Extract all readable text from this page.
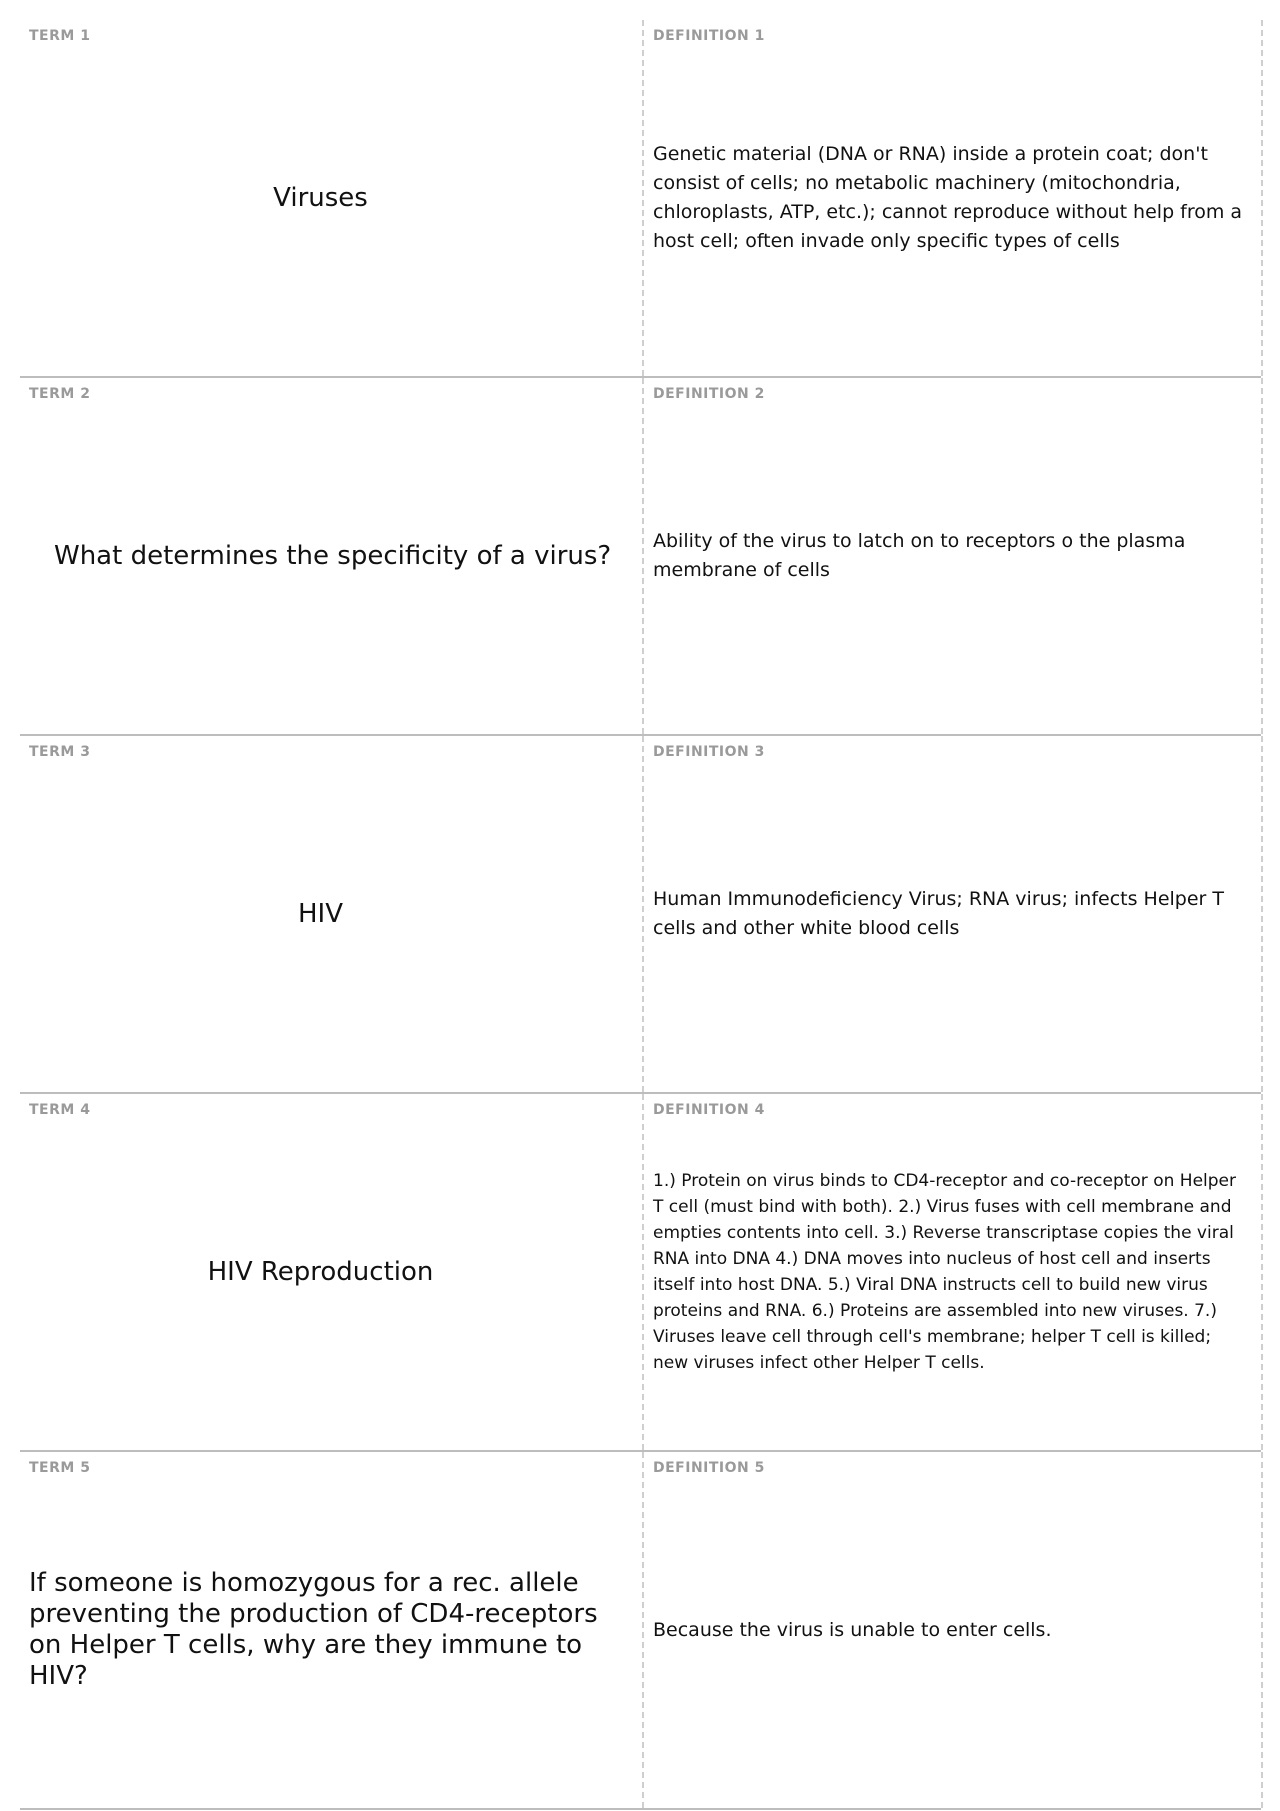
TERM 1
Viruses
DEFINITION 1
Genetic material (DNA or RNA) inside a protein coat; don't consist of cells; no metabolic machinery (mitochondria, chloroplasts, ATP, etc.); cannot reproduce without help from a host cell; often invade only specific types of cells
TERM 2
What determines the specificity of a virus?
DEFINITION 2
Ability of the virus to latch on to receptors o the plasma membrane of cells
TERM 3
HIV
DEFINITION 3
Human Immunodeficiency Virus; RNA virus; infects Helper T cells and other white blood cells
TERM 4
HIV Reproduction
DEFINITION 4
1.) Protein on virus binds to CD4-receptor and co-receptor on Helper T cell (must bind with both). 2.) Virus fuses with cell membrane and empties contents into cell. 3.) Reverse transcriptase copies the viral RNA into DNA 4.) DNA moves into nucleus of host cell and inserts itself into host DNA. 5.) Viral DNA instructs cell to build new virus proteins and RNA. 6.) Proteins are assembled into new viruses. 7.) Viruses leave cell through cell's membrane; helper T cell is killed; new viruses infect other Helper T cells.
TERM 5
If someone is homozygous for a rec. allele preventing the production of CD4-receptors on Helper T cells, why are they immune to HIV?
DEFINITION 5
Because the virus is unable to enter cells.
